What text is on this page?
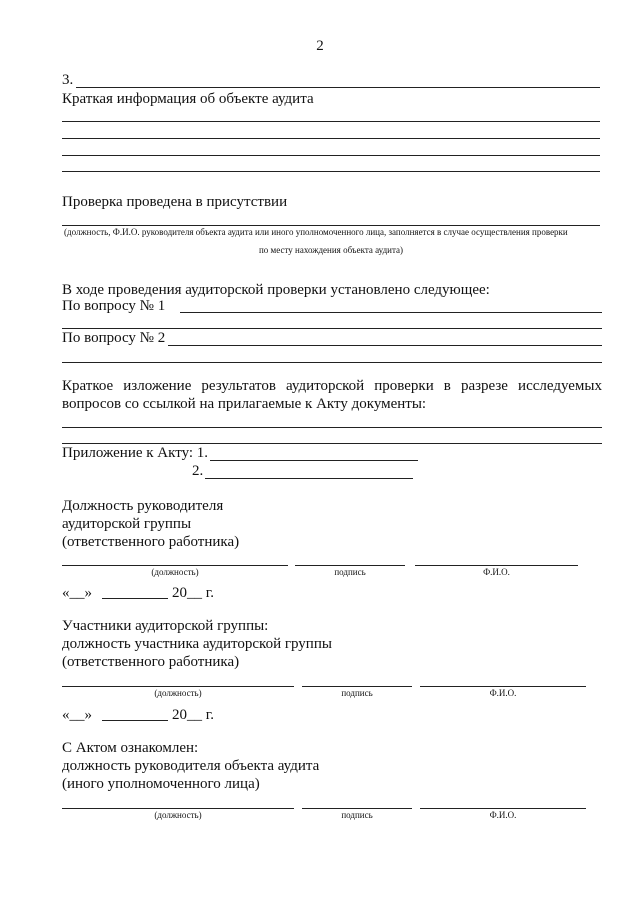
2
3.
Краткая информация об объекте аудита
Проверка проведена в присутствии
(должность, Ф.И.О. руководителя объекта аудита или иного уполномоченного лица, заполняется в случае осуществления проверки
по месту нахождения объекта аудита)
В ходе проведения аудиторской проверки установлено следующее:
По вопросу № 1
По вопросу № 2
Краткое изложение результатов аудиторской проверки в разрезе исследуемых
вопросов со ссылкой на прилагаемые к Акту документы:
Приложение к Акту: 1.
2.
Должность руководителя
аудиторской группы
(ответственного работника)
(должность)	подпись	Ф.И.О.
«__»	20__ г.
Участники аудиторской группы:
должность участника аудиторской группы
(ответственного работника)
(должность)	подпись	Ф.И.О.
«__»	20__ г.
С Актом ознакомлен:
должность руководителя объекта аудита
(иного уполномоченного лица)
(должность)	подпись	Ф.И.О.
